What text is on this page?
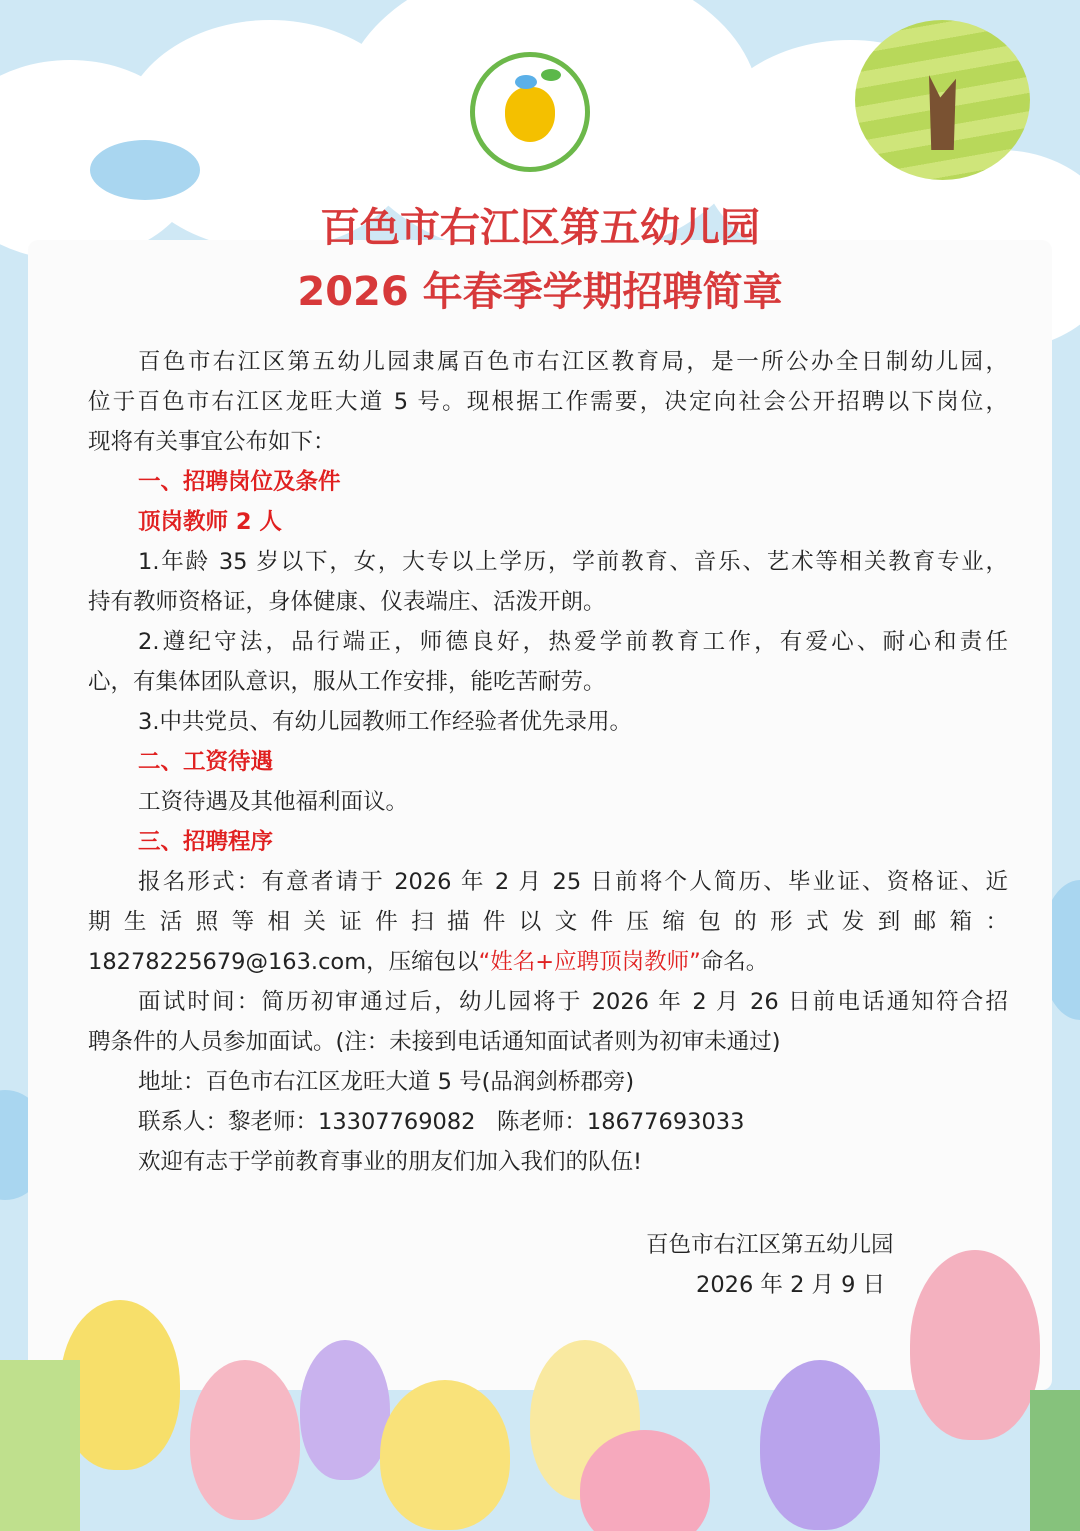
百色市右江区第五幼儿园
2026 年春季学期招聘简章
百色市右江区第五幼儿园隶属百色市右江区教育局，是一所公办全日制幼儿园，
位于百色市右江区龙旺大道 5 号。现根据工作需要，决定向社会公开招聘以下岗位，
现将有关事宜公布如下：
一、招聘岗位及条件
顶岗教师 2 人
1.年龄 35 岁以下，女，大专以上学历，学前教育、音乐、艺术等相关教育专业，
持有教师资格证，身体健康、仪表端庄、活泼开朗。
2.遵纪守法，品行端正，师德良好，热爱学前教育工作，有爱心、耐心和责任
心，有集体团队意识，服从工作安排，能吃苦耐劳。
3.中共党员、有幼儿园教师工作经验者优先录用。
二、工资待遇
工资待遇及其他福利面议。
三、招聘程序
报名形式：有意者请于 2026 年 2 月 25 日前将个人简历、毕业证、资格证、近
期生活照等相关证件扫描件以文件压缩包的形式发到邮箱：
18278225679@163.com，压缩包以“姓名+应聘顶岗教师”命名。
面试时间：简历初审通过后，幼儿园将于 2026 年 2 月 26 日前电话通知符合招
聘条件的人员参加面试。(注：未接到电话通知面试者则为初审未通过)
地址：百色市右江区龙旺大道 5 号(品润剑桥郡旁)
联系人：黎老师：13307769082   陈老师：18677693033
欢迎有志于学前教育事业的朋友们加入我们的队伍!
百色市右江区第五幼儿园
2026 年 2 月 9 日
